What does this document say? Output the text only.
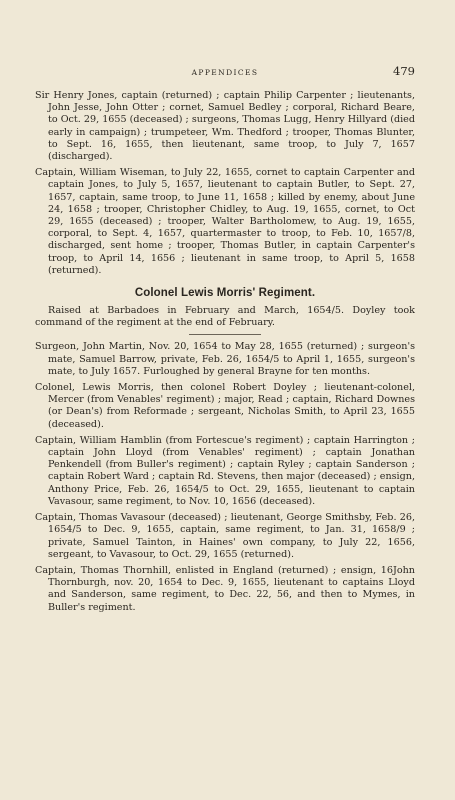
APPENDICES	479

Sir Henry Jones, captain (returned) ; captain Philip Carpenter ; lieutenants, John Jesse, John Otter ; cornet, Samuel Bedley ; corporal, Richard Beare, to Oct. 29, 1655 (deceased) ; surgeons, Thomas Lugg, Henry Hillyard (died early in campaign) ; trumpeteer, Wm. Thedford ; trooper, Thomas Blunter, to Sept. 16, 1655, then lieutenant, same troop, to July 7, 1657 (discharged).

Captain, William Wiseman, to July 22, 1655, cornet to captain Carpenter and captain Jones, to July 5, 1657, lieutenant to captain Butler, to Sept. 27, 1657, captain, same troop, to June 11, 1658 ; killed by enemy, about June 24, 1658 ; trooper, Christopher Chidley, to Aug. 19, 1655, cornet, to Oct 29, 1655 (deceased) ; trooper, Walter Bartholomew, to Aug. 19, 1655, corporal, to Sept. 4, 1657, quartermaster to troop, to Feb. 10, 1657/8, discharged, sent home ; trooper, Thomas Butler, in captain Carpenter's troop, to April 14, 1656 ; lieutenant in same troop, to April 5, 1658 (returned).

Colonel Lewis Morris' Regiment.

Raised at Barbadoes in February and March, 1654/5. Doyley took command of the regiment at the end of February.

Surgeon, John Martin, Nov. 20, 1654 to May 28, 1655 (returned) ; surgeon's mate, Samuel Barrow, private, Feb. 26, 1654/5 to April 1, 1655, surgeon's mate, to July 1657. Furloughed by general Brayne for ten months.

Colonel, Lewis Morris, then colonel Robert Doyley ; lieutenant-colonel, Mercer (from Venables' regiment) ; major, Read ; captain, Richard Downes (or Dean's) from Reformade ; sergeant, Nicholas Smith, to April 23, 1655 (deceased).

Captain, William Hamblin (from Fortescue's regiment) ; captain Harrington ; captain John Lloyd (from Venables' regiment) ; captain Jonathan Penkendell (from Buller's regiment) ; captain Ryley ; captain Sanderson ; captain Robert Ward ; captain Rd. Stevens, then major (deceased) ; ensign, Anthony Price, Feb. 26, 1654/5 to Oct. 29, 1655, lieutenant to captain Vavasour, same regiment, to Nov. 10, 1656 (deceased).

Captain, Thomas Vavasour (deceased) ; lieutenant, George Smithsby, Feb. 26, 1654/5 to Dec. 9, 1655, captain, same regiment, to Jan. 31, 1658/9 ; private, Samuel Tainton, in Haines' own company, to July 22, 1656, sergeant, to Vavasour, to Oct. 29, 1655 (returned).

Captain, Thomas Thornhill, enlisted in England (returned) ; ensign, 16John Thornburgh, nov. 20, 1654 to Dec. 9, 1655, lieutenant to captains Lloyd and Sanderson, same regiment, to Dec. 22, 56, and then to Mymes, in Buller's regiment.
